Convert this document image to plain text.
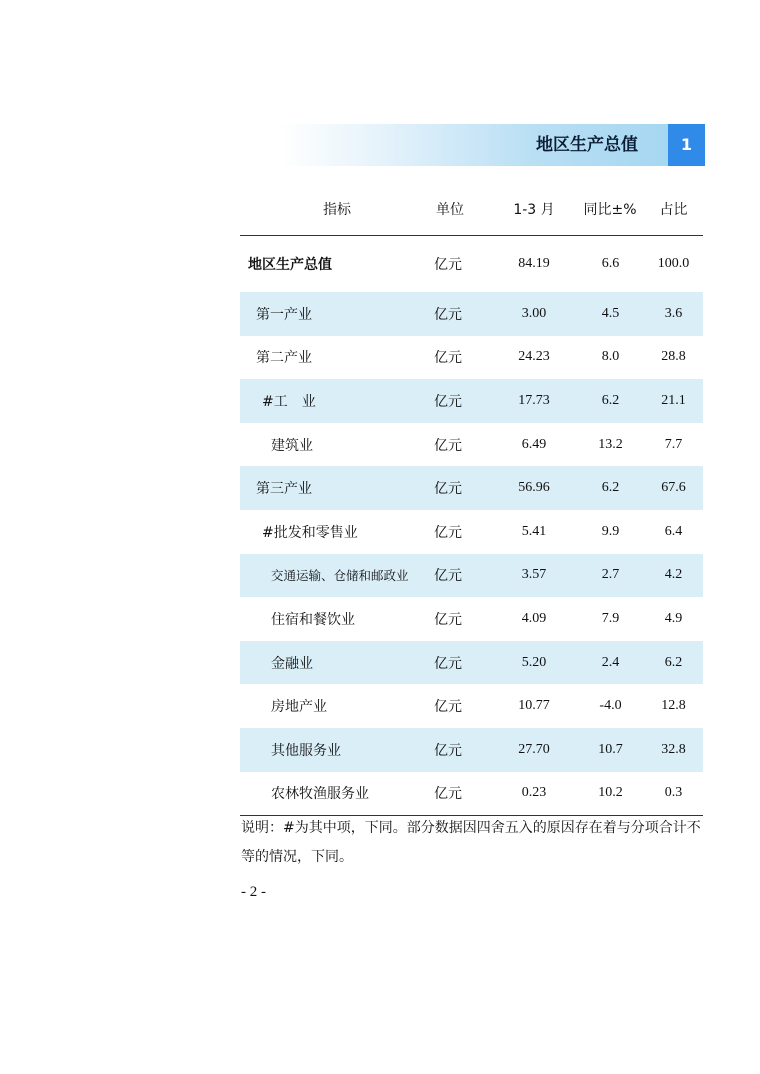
地区生产总值	1
指标	单位	1-3 月	同比±%	占比
地区生产总值	亿元	84.19	6.6	100.0
第一产业	亿元	3.00	4.5	3.6
第二产业	亿元	24.23	8.0	28.8
#工　业	亿元	17.73	6.2	21.1
建筑业	亿元	6.49	13.2	7.7
第三产业	亿元	56.96	6.2	67.6
#批发和零售业	亿元	5.41	9.9	6.4
交通运输、仓储和邮政业	亿元	3.57	2.7	4.2
住宿和餐饮业	亿元	4.09	7.9	4.9
金融业	亿元	5.20	2.4	6.2
房地产业	亿元	10.77	-4.0	12.8
其他服务业	亿元	27.70	10.7	32.8
农林牧渔服务业	亿元	0.23	10.2	0.3
说明：#为其中项，下同。部分数据因四舍五入的原因存在着与分项合计不等的情况，下同。
- 2 -
